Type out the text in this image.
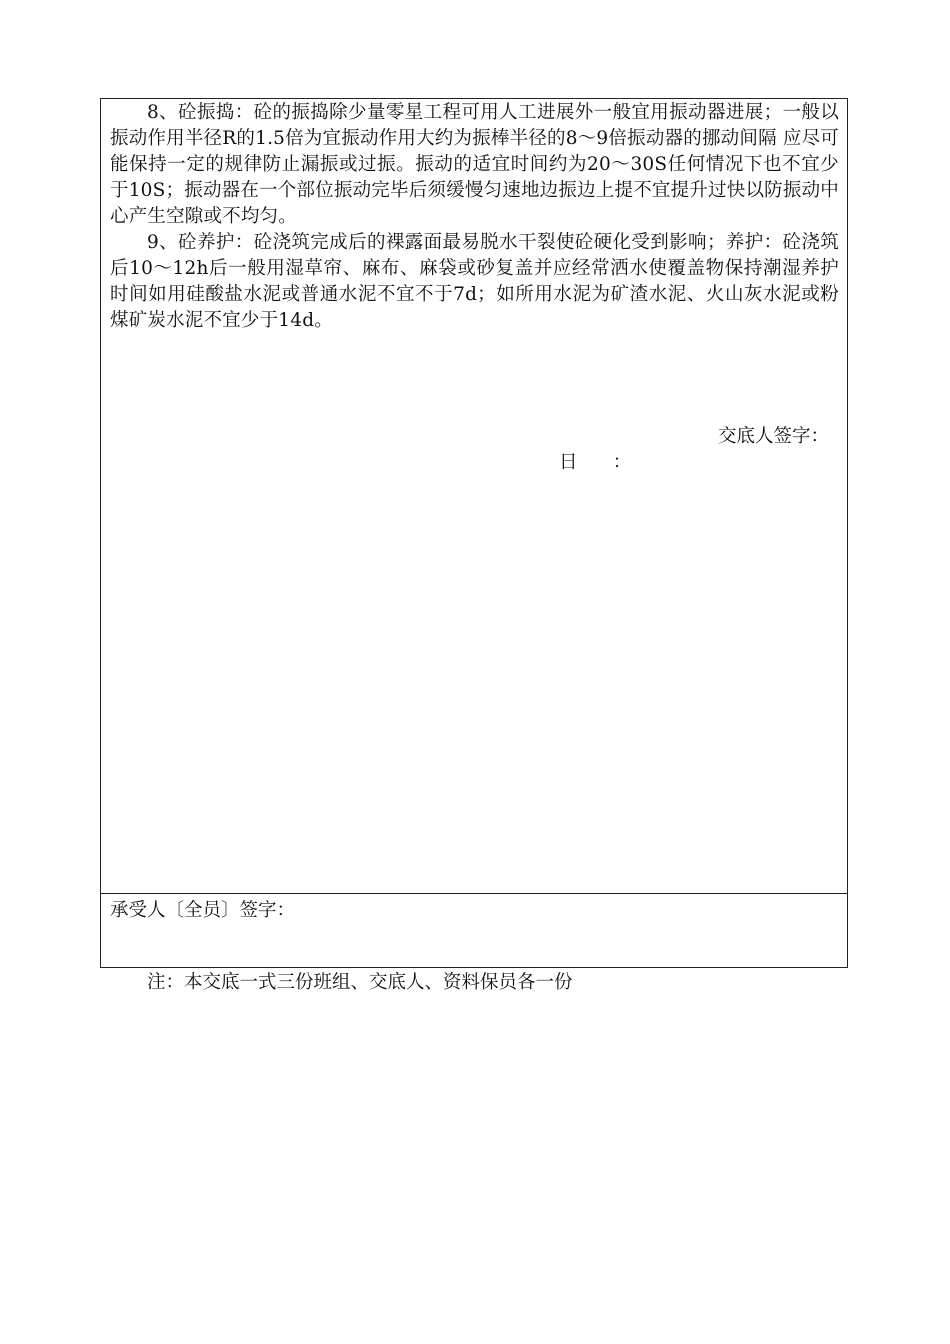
8、砼振捣：砼的振捣除少量零星工程可用人工进展外一般宜用振动器进展；一般以振动作用半径R的1.5倍为宜振动作用大约为振棒半径的8～9倍振动器的挪动间隔 应尽可能保持一定的规律防止漏振或过振。振动的适宜时间约为20～30S任何情况下也不宜少于10S；振动器在一个部位振动完毕后须缓慢匀速地边振边上提不宜提升过快以防振动中心产生空隙或不均匀。

9、砼养护：砼浇筑完成后的裸露面最易脱水干裂使砼硬化受到影响；养护：砼浇筑后10～12h后一般用湿草帘、麻布、麻袋或砂复盖并应经常洒水使覆盖物保持潮湿养护时间如用硅酸盐水泥或普通水泥不宜不于7d；如所用水泥为矿渣水泥、火山灰水泥或粉煤矿炭水泥不宜少于14d。

交底人签字：
日      ：
承受人〔全员〕签字：
注：本交底一式三份班组、交底人、资料保员各一份
